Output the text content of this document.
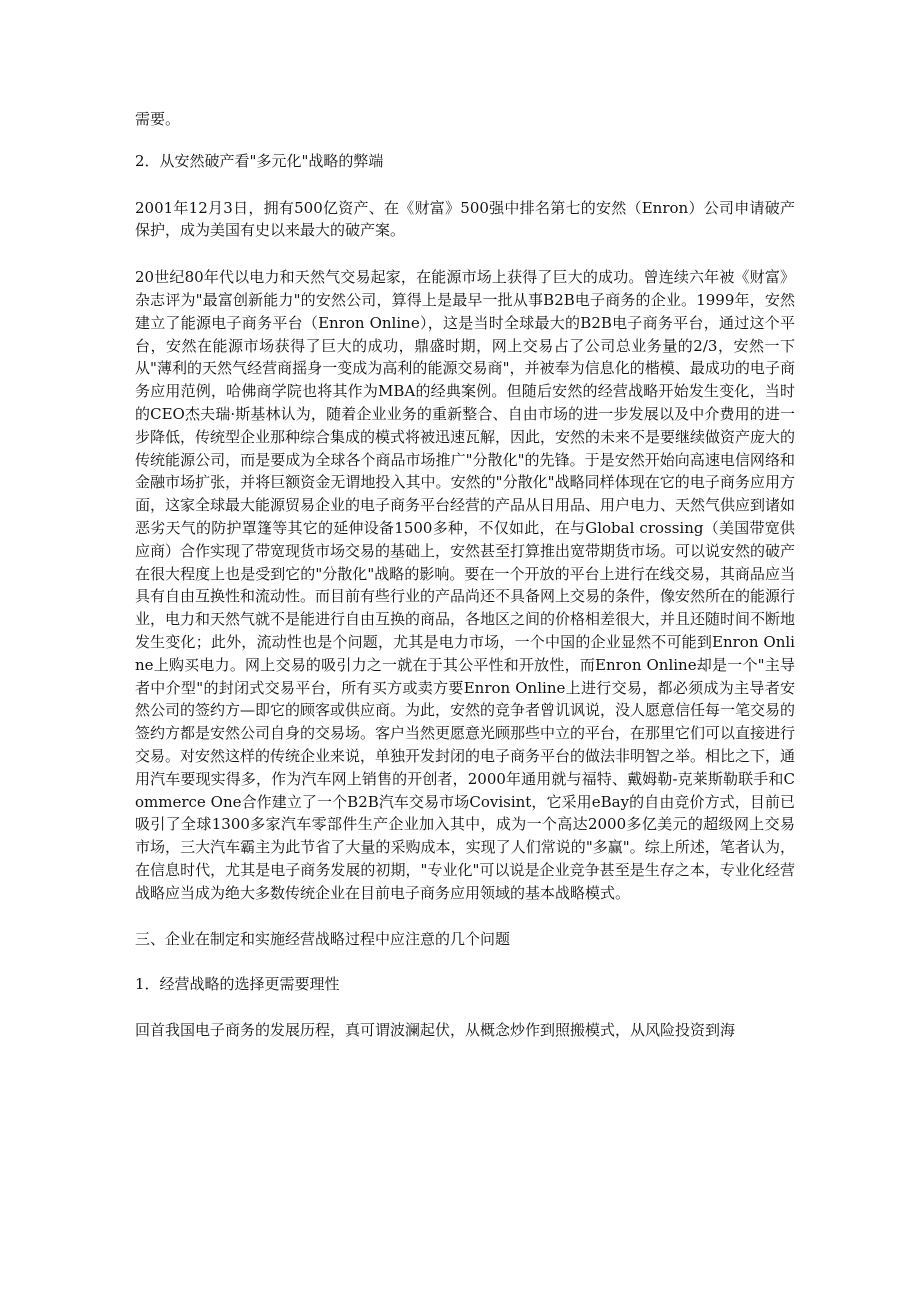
需要。

2．从安然破产看"多元化"战略的弊端

2001年12月3日，拥有500亿资产、在《财富》500强中排名第七的安然（Enron）公司申请破产保护，成为美国有史以来最大的破产案。

20世纪80年代以电力和天然气交易起家，在能源市场上获得了巨大的成功。曾连续六年被《财富》杂志评为"最富创新能力"的安然公司，算得上是最早一批从事B2B电子商务的企业。1999年，安然建立了能源电子商务平台（Enron Online），这是当时全球最大的B2B电子商务平台，通过这个平台，安然在能源市场获得了巨大的成功，鼎盛时期，网上交易占了公司总业务量的2/3，安然一下从"薄利的天然气经营商摇身一变成为高利的能源交易商"，并被奉为信息化的楷模、最成功的电子商务应用范例，哈佛商学院也将其作为MBA的经典案例。但随后安然的经营战略开始发生变化，当时的CEO杰夫瑞·斯基林认为，随着企业业务的重新整合、自由市场的进一步发展以及中介费用的进一步降低，传统型企业那种综合集成的模式将被迅速瓦解，因此，安然的未来不是要继续做资产庞大的传统能源公司，而是要成为全球各个商品市场推广"分散化"的先锋。于是安然开始向高速电信网络和金融市场扩张，并将巨额资金无谓地投入其中。安然的"分散化"战略同样体现在它的电子商务应用方面，这家全球最大能源贸易企业的电子商务平台经营的产品从日用品、用户电力、天然气供应到诸如恶劣天气的防护罩篷等其它的延伸设备1500多种，不仅如此，在与Global crossing（美国带宽供应商）合作实现了带宽现货市场交易的基础上，安然甚至打算推出宽带期货市场。可以说安然的破产在很大程度上也是受到它的"分散化"战略的影响。要在一个开放的平台上进行在线交易，其商品应当具有自由互换性和流动性。而目前有些行业的产品尚还不具备网上交易的条件，像安然所在的能源行业，电力和天然气就不是能进行自由互换的商品，各地区之间的价格相差很大，并且还随时间不断地发生变化；此外，流动性也是个问题，尤其是电力市场，一个中国的企业显然不可能到Enron Online上购买电力。网上交易的吸引力之一就在于其公平性和开放性，而Enron Online却是一个"主导者中介型"的封闭式交易平台，所有买方或卖方要Enron Online上进行交易，都必须成为主导者安然公司的签约方—即它的顾客或供应商。为此，安然的竞争者曾讥讽说，没人愿意信任每一笔交易的签约方都是安然公司自身的交易场。客户当然更愿意光顾那些中立的平台，在那里它们可以直接进行交易。对安然这样的传统企业来说，单独开发封闭的电子商务平台的做法非明智之举。相比之下，通用汽车要现实得多，作为汽车网上销售的开创者，2000年通用就与福特、戴姆勒-克莱斯勒联手和Commerce One合作建立了一个B2B汽车交易市场Covisint，它采用eBay的自由竞价方式，目前已吸引了全球1300多家汽车零部件生产企业加入其中，成为一个高达2000多亿美元的超级网上交易市场，三大汽车霸主为此节省了大量的采购成本，实现了人们常说的"多赢"。综上所述，笔者认为，在信息时代，尤其是电子商务发展的初期，"专业化"可以说是企业竞争甚至是生存之本，专业化经营战略应当成为绝大多数传统企业在目前电子商务应用领域的基本战略模式。

三、企业在制定和实施经营战略过程中应注意的几个问题

1．经营战略的选择更需要理性

回首我国电子商务的发展历程，真可谓波澜起伏，从概念炒作到照搬模式，从风险投资到海
